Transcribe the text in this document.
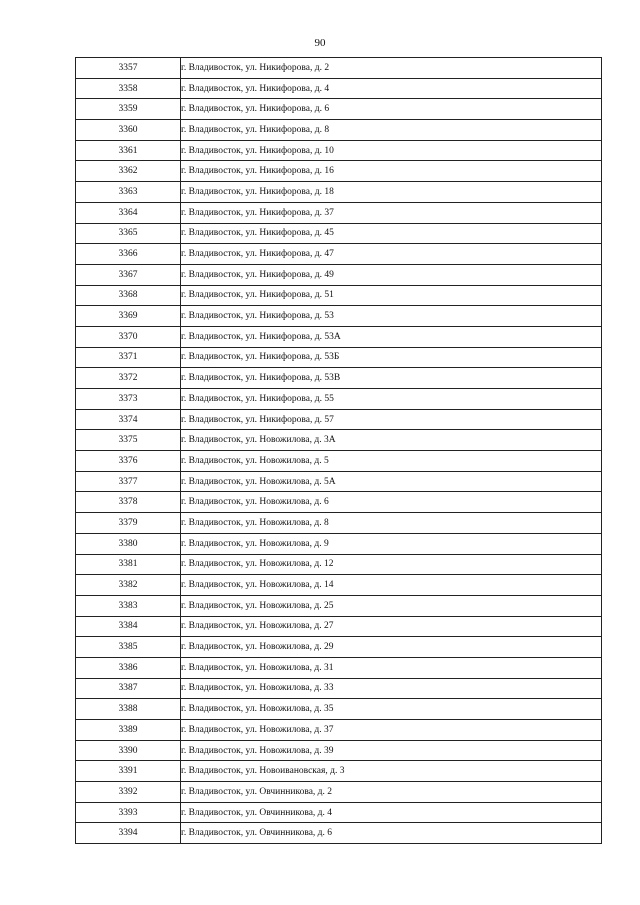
90
3357	г. Владивосток, ул. Никифорова, д. 2
3358	г. Владивосток, ул. Никифорова, д. 4
3359	г. Владивосток, ул. Никифорова, д. 6
3360	г. Владивосток, ул. Никифорова, д. 8
3361	г. Владивосток, ул. Никифорова, д. 10
3362	г. Владивосток, ул. Никифорова, д. 16
3363	г. Владивосток, ул. Никифорова, д. 18
3364	г. Владивосток, ул. Никифорова, д. 37
3365	г. Владивосток, ул. Никифорова, д. 45
3366	г. Владивосток, ул. Никифорова, д. 47
3367	г. Владивосток, ул. Никифорова, д. 49
3368	г. Владивосток, ул. Никифорова, д. 51
3369	г. Владивосток, ул. Никифорова, д. 53
3370	г. Владивосток, ул. Никифорова, д. 53А
3371	г. Владивосток, ул. Никифорова, д. 53Б
3372	г. Владивосток, ул. Никифорова, д. 53В
3373	г. Владивосток, ул. Никифорова, д. 55
3374	г. Владивосток, ул. Никифорова, д. 57
3375	г. Владивосток, ул. Новожилова, д. 3А
3376	г. Владивосток, ул. Новожилова, д. 5
3377	г. Владивосток, ул. Новожилова, д. 5А
3378	г. Владивосток, ул. Новожилова, д. 6
3379	г. Владивосток, ул. Новожилова, д. 8
3380	г. Владивосток, ул. Новожилова, д. 9
3381	г. Владивосток, ул. Новожилова, д. 12
3382	г. Владивосток, ул. Новожилова, д. 14
3383	г. Владивосток, ул. Новожилова, д. 25
3384	г. Владивосток, ул. Новожилова, д. 27
3385	г. Владивосток, ул. Новожилова, д. 29
3386	г. Владивосток, ул. Новожилова, д. 31
3387	г. Владивосток, ул. Новожилова, д. 33
3388	г. Владивосток, ул. Новожилова, д. 35
3389	г. Владивосток, ул. Новожилова, д. 37
3390	г. Владивосток, ул. Новожилова, д. 39
3391	г. Владивосток, ул. Новоивановская, д. 3
3392	г. Владивосток, ул. Овчинникова, д. 2
3393	г. Владивосток, ул. Овчинникова, д. 4
3394	г. Владивосток, ул. Овчинникова, д. 6
